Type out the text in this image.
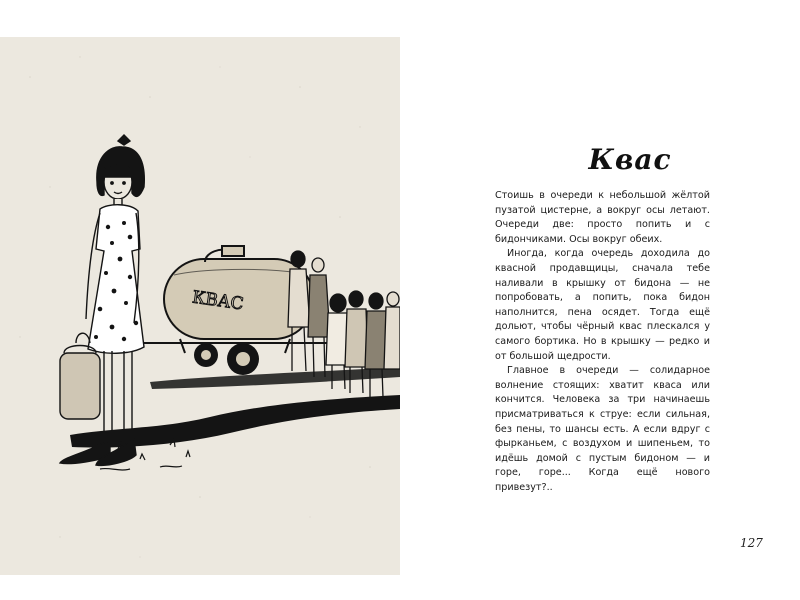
КВАС
Квас

Стоишь в очереди к небольшой жёлтой пузатой цистерне, а вокруг осы летают. Очереди две: просто попить и с бидончиками. Осы вокруг обеих.

Иногда, когда очередь доходила до квасной продавщицы, сначала тебе наливали в крышку от бидона — не попробовать, а попить, пока бидон наполнится, пена осядет. Тогда ещё дольют, чтобы чёрный квас плескался у самого бортика. Но в крышку — редко и от большой щедрости.

Главное в очереди — солидарное волнение стоящих: хватит кваса или кончится. Человека за три начинаешь присматриваться к струе: если сильная, без пены, то шансы есть. А если вдруг с фырканьем, с воздухом и шипеньем, то идёшь домой с пустым бидоном — и горе, горе... Когда ещё нового привезут?..

127
